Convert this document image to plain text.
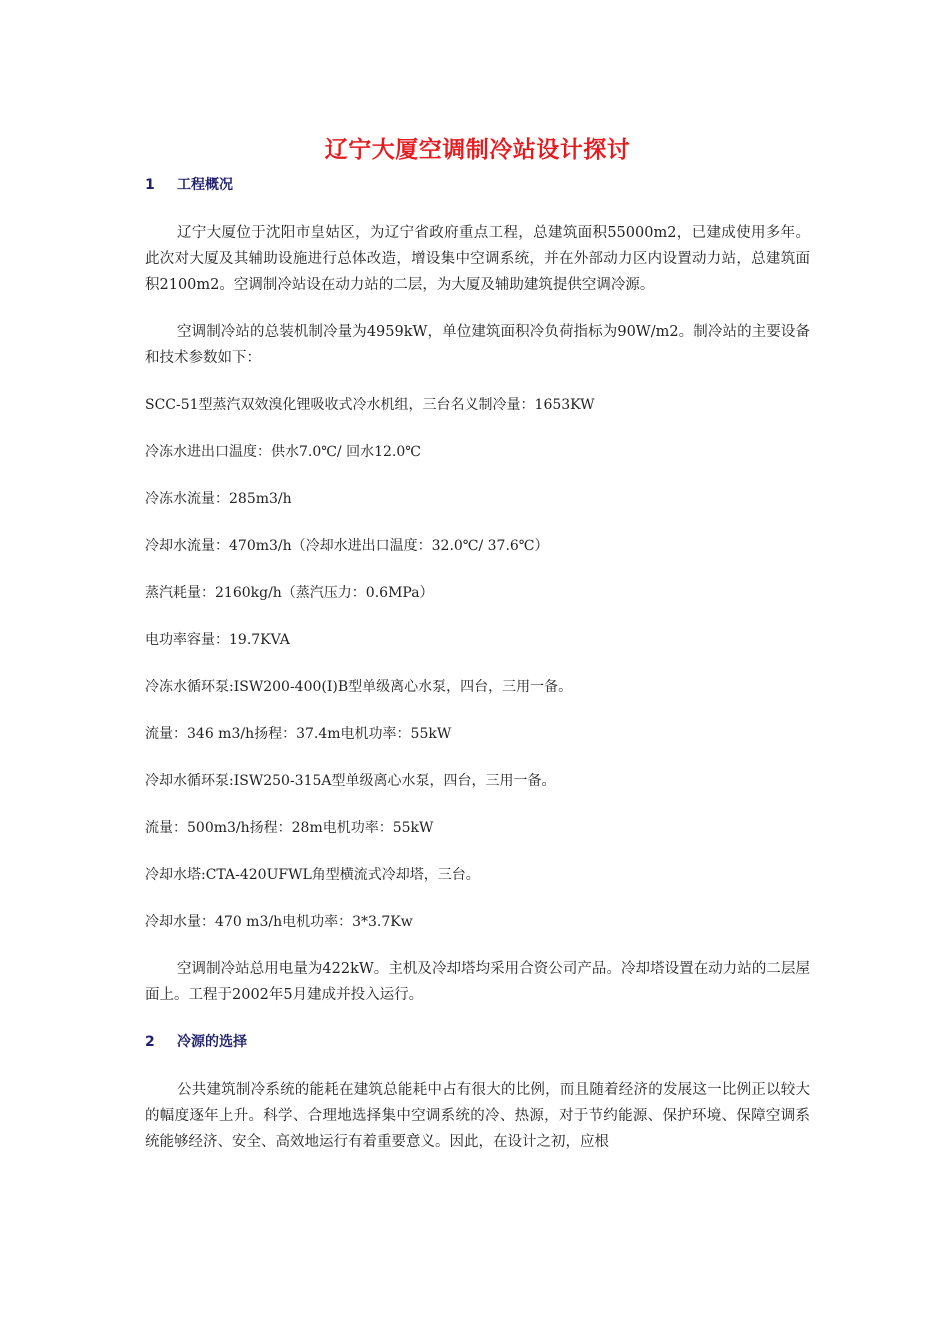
辽宁大厦空调制冷站设计探讨
1 工程概况

辽宁大厦位于沈阳市皇姑区，为辽宁省政府重点工程，总建筑面积55000m2，已建成使用多年。此次对大厦及其辅助设施进行总体改造，增设集中空调系统，并在外部动力区内设置动力站，总建筑面积2100m2。空调制冷站设在动力站的二层，为大厦及辅助建筑提供空调冷源。

空调制冷站的总装机制冷量为4959kW，单位建筑面积冷负荷指标为90W/m2。制冷站的主要设备和技术参数如下：

SCC-51型蒸汽双效溴化锂吸收式冷水机组，三台名义制冷量：1653KW

冷冻水进出口温度：供水7.0℃/ 回水12.0℃

冷冻水流量：285m3/h

冷却水流量：470m3/h（冷却水进出口温度：32.0℃/ 37.6℃）

蒸汽耗量：2160kg/h（蒸汽压力：0.6MPa）

电功率容量：19.7KVA

冷冻水循环泵:ISW200-400(I)B型单级离心水泵，四台，三用一备。

流量：346 m3/h扬程：37.4m电机功率：55kW

冷却水循环泵:ISW250-315A型单级离心水泵，四台，三用一备。

流量：500m3/h扬程：28m电机功率：55kW

冷却水塔:CTA-420UFWL角型横流式冷却塔，三台。

冷却水量：470 m3/h电机功率：3*3.7Kw

空调制冷站总用电量为422kW。主机及冷却塔均采用合资公司产品。冷却塔设置在动力站的二层屋面上。工程于2002年5月建成并投入运行。

2 冷源的选择

公共建筑制冷系统的能耗在建筑总能耗中占有很大的比例，而且随着经济的发展这一比例正以较大的幅度逐年上升。科学、合理地选择集中空调系统的冷、热源，对于节约能源、保护环境、保障空调系统能够经济、安全、高效地运行有着重要意义。因此，在设计之初，应根
